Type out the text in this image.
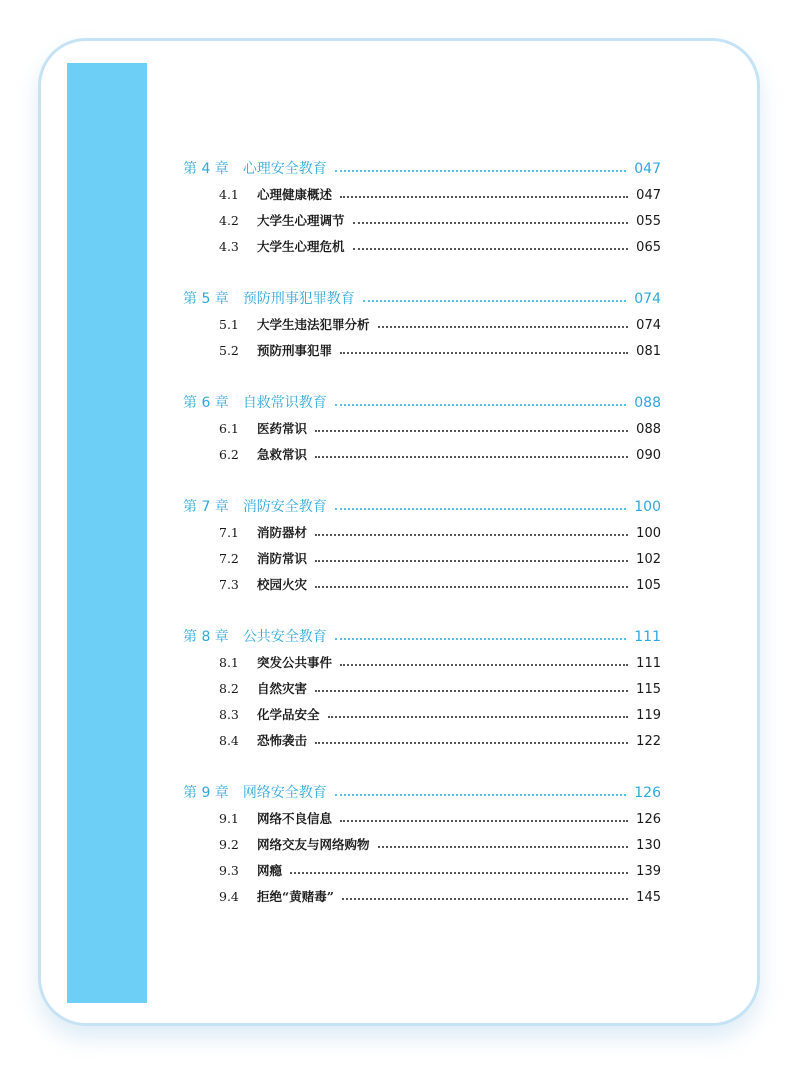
第 4 章 心理安全教育	047
4.1	心理健康概述	047
4.2	大学生心理调节	055
4.3	大学生心理危机	065
第 5 章 预防刑事犯罪教育	074
5.1	大学生违法犯罪分析	074
5.2	预防刑事犯罪	081
第 6 章 自救常识教育	088
6.1	医药常识	088
6.2	急救常识	090
第 7 章 消防安全教育	100
7.1	消防器材	100
7.2	消防常识	102
7.3	校园火灾	105
第 8 章 公共安全教育	111
8.1	突发公共事件	111
8.2	自然灾害	115
8.3	化学品安全	119
8.4	恐怖袭击	122
第 9 章 网络安全教育	126
9.1	网络不良信息	126
9.2	网络交友与网络购物	130
9.3	网瘾	139
9.4	拒绝“黄赌毒”	145
